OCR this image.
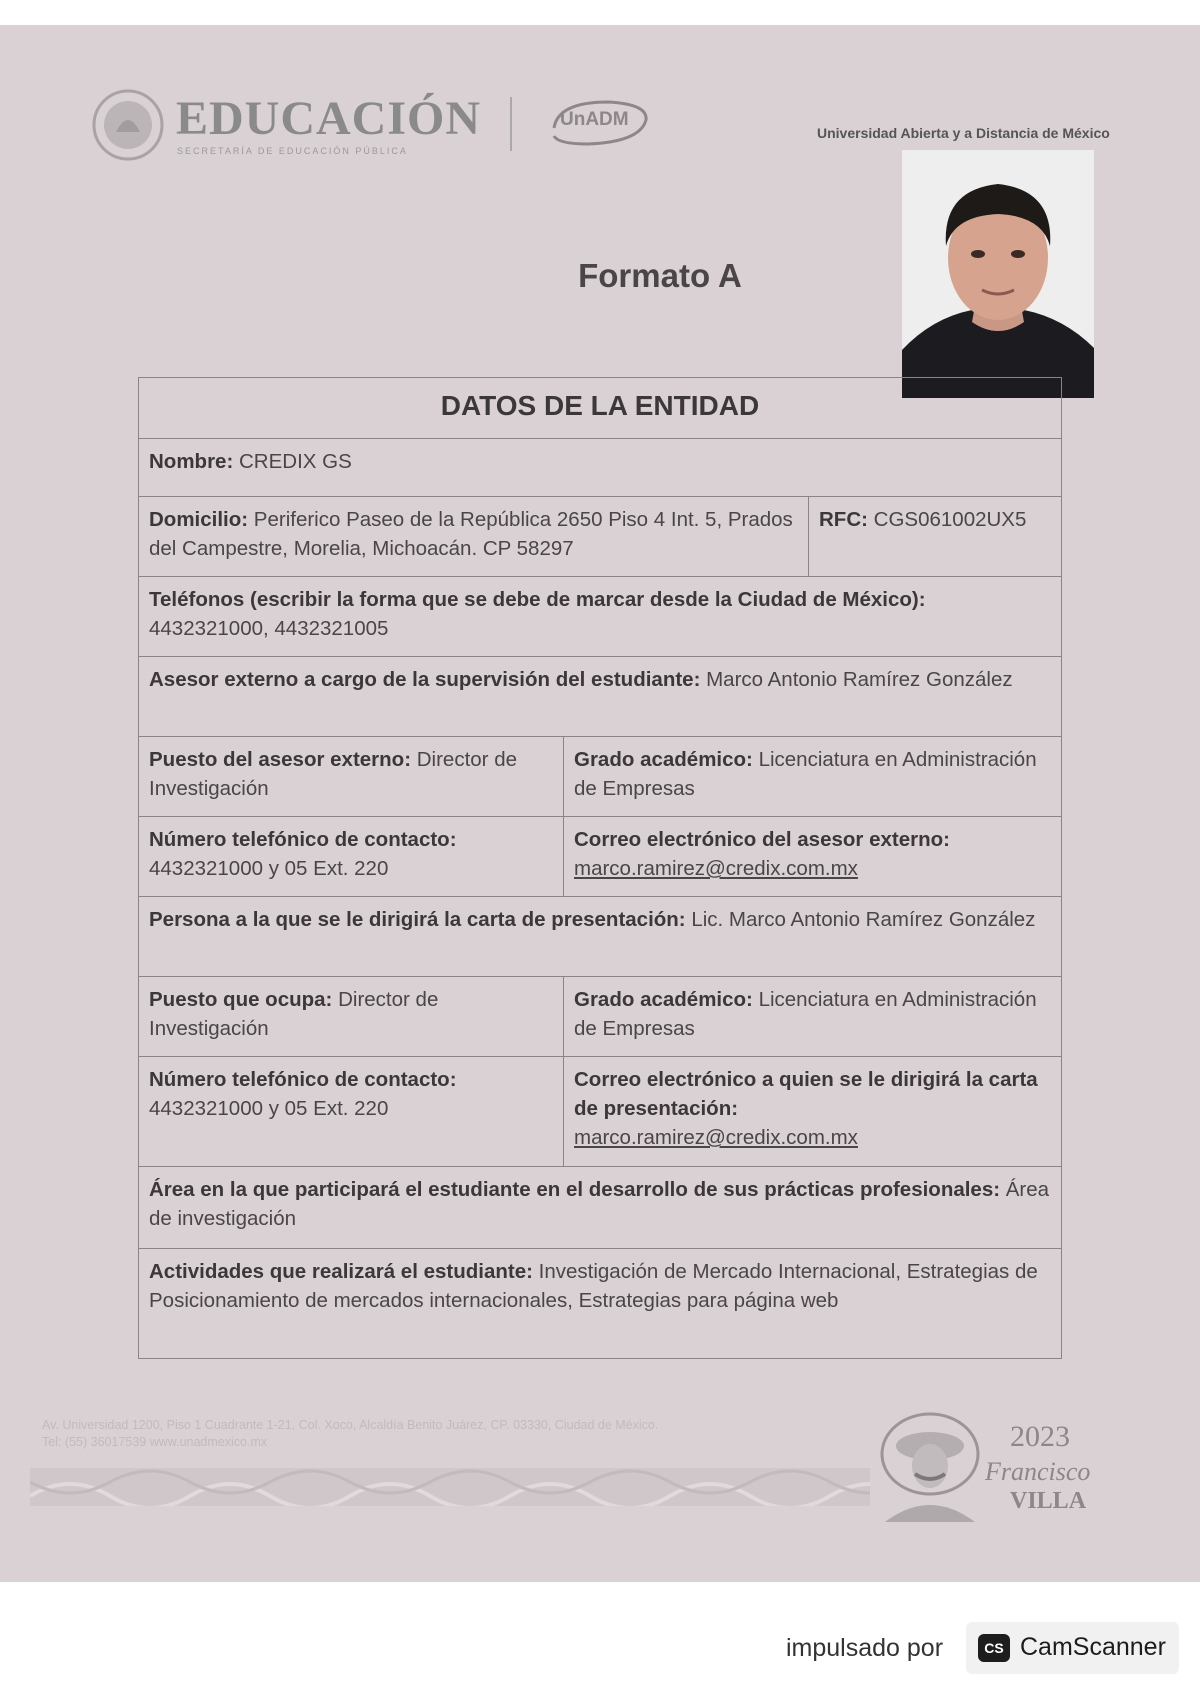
EDUCACIÓN
SECRETARÍA DE EDUCACIÓN PÚBLICA
UnADM
Universidad Abierta y a Distancia de México
Formato A
DATOS DE LA ENTIDAD
Nombre: CREDIX GS
Domicilio: Periferico Paseo de la República 2650 Piso 4 Int. 5, Prados del Campestre, Morelia, Michoacán. CP 58297
RFC: CGS061002UX5
Teléfonos (escribir la forma que se debe de marcar desde la Ciudad de México):
4432321000, 4432321005
Asesor externo a cargo de la supervisión del estudiante: Marco Antonio Ramírez González
Puesto del asesor externo: Director de Investigación
Grado académico: Licenciatura en Administración de Empresas
Número telefónico de contacto:
4432321000 y 05 Ext. 220
Correo electrónico del asesor externo:
marco.ramirez@credix.com.mx
Persona a la que se le dirigirá la carta de presentación: Lic. Marco Antonio Ramírez González
Puesto que ocupa: Director de Investigación
Grado académico: Licenciatura en Administración de Empresas
Número telefónico de contacto:
4432321000 y 05 Ext. 220
Correo electrónico a quien se le dirigirá la carta de presentación:
marco.ramirez@credix.com.mx
Área en la que participará el estudiante en el desarrollo de sus prácticas profesionales: Área de investigación
Actividades que realizará el estudiante: Investigación de Mercado Internacional, Estrategias de Posicionamiento de mercados internacionales, Estrategias para página web
Av. Universidad 1200, Piso 1 Cuadrante 1-21, Col. Xoco, Alcaldía Benito Juárez, CP. 03330, Ciudad de México.
Tel: (55) 36017539 www.unadmexico.mx	2023
Francisco
VILLA
impulsado por	CS CamScanner
